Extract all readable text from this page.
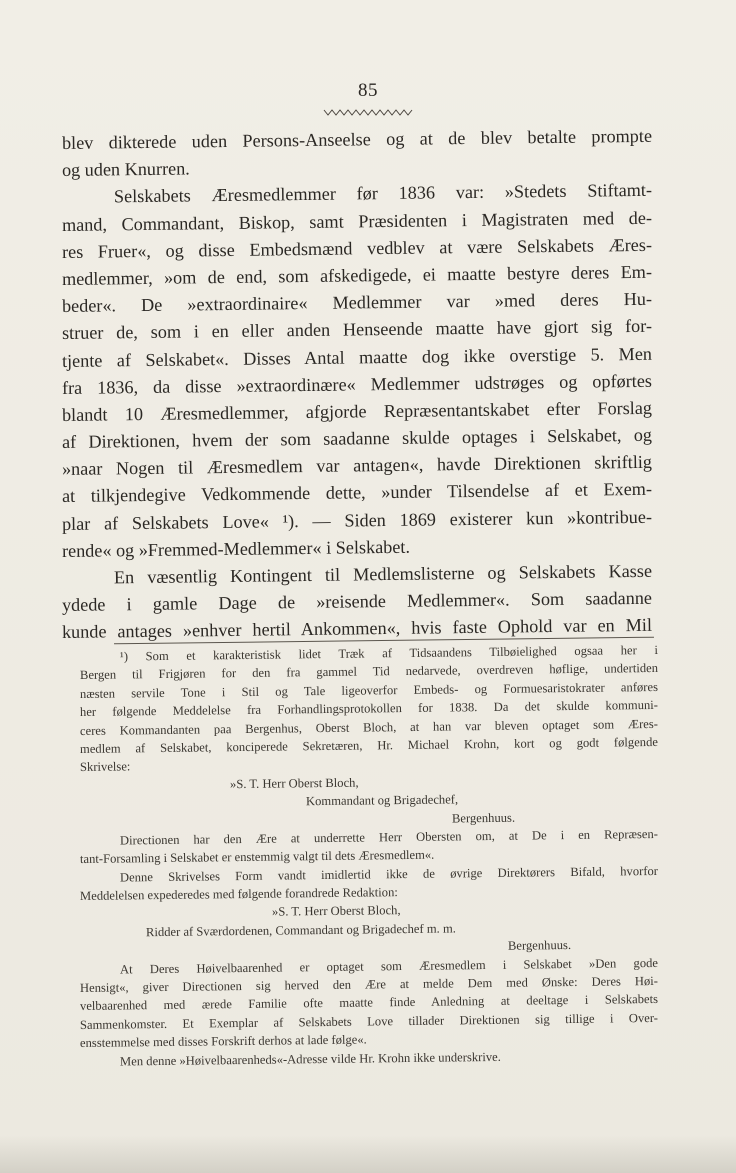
85
blev dikterede uden Persons-Anseelse og at de blev betalte prompte
og uden Knurren.
Selskabets Æresmedlemmer før 1836 var: »Stedets Stiftamt-
mand, Commandant, Biskop, samt Præsidenten i Magistraten med de-
res Fruer«, og disse Embedsmænd vedblev at være Selskabets Æres-
medlemmer, »om de end, som afskedigede, ei maatte bestyre deres Em-
beder«. De »extraordinaire« Medlemmer var »med deres Hu-
struer de, som i en eller anden Henseende maatte have gjort sig for-
tjente af Selskabet«. Disses Antal maatte dog ikke overstige 5. Men
fra 1836, da disse »extraordinære« Medlemmer udstrøges og opførtes
blandt 10 Æresmedlemmer, afgjorde Repræsentantskabet efter Forslag
af Direktionen, hvem der som saadanne skulde optages i Selskabet, og
»naar Nogen til Æresmedlem var antagen«, havde Direktionen skriftlig
at tilkjendegive Vedkommende dette, »under Tilsendelse af et Exem-
plar af Selskabets Love« ¹). — Siden 1869 existerer kun »kontribue-
rende« og »Fremmed-Medlemmer« i Selskabet.
En væsentlig Kontingent til Medlemslisterne og Selskabets Kasse
ydede i gamle Dage de »reisende Medlemmer«. Som saadanne
kunde antages »enhver hertil Ankommen«, hvis faste Ophold var en Mil
¹) Som et karakteristisk lidet Træk af Tidsaandens Tilbøielighed ogsaa her i
Bergen til Frigjøren for den fra gammel Tid nedarvede, overdreven høflige, undertiden
næsten servile Tone i Stil og Tale ligeoverfor Embeds- og Formuesaristokrater anføres
her følgende Meddelelse fra Forhandlingsprotokollen for 1838. Da det skulde kommuni-
ceres Kommandanten paa Bergenhus, Oberst Bloch, at han var bleven optaget som Æres-
medlem af Selskabet, konciperede Sekretæren, Hr. Michael Krohn, kort og godt følgende
Skrivelse:
»S. T. Herr Oberst Bloch,
Kommandant og Brigadechef,
Bergenhuus.
Directionen har den Ære at underrette Herr Obersten om, at De i en Repræsen-
tant-Forsamling i Selskabet er enstemmig valgt til dets Æresmedlem«.
Denne Skrivelses Form vandt imidlertid ikke de øvrige Direktørers Bifald, hvorfor
Meddelelsen expederedes med følgende forandrede Redaktion:
»S. T. Herr Oberst Bloch,
Ridder af Sværdordenen, Commandant og Brigadechef m. m.
Bergenhuus.
At Deres Høivelbaarenhed er optaget som Æresmedlem i Selskabet »Den gode
Hensigt«, giver Directionen sig herved den Ære at melde Dem med Ønske: Deres Høi-
velbaarenhed med ærede Familie ofte maatte finde Anledning at deeltage i Selskabets
Sammenkomster. Et Exemplar af Selskabets Love tillader Direktionen sig tillige i Over-
ensstemmelse med disses Forskrift derhos at lade følge«.
Men denne »Høivelbaarenheds«-Adresse vilde Hr. Krohn ikke underskrive.
